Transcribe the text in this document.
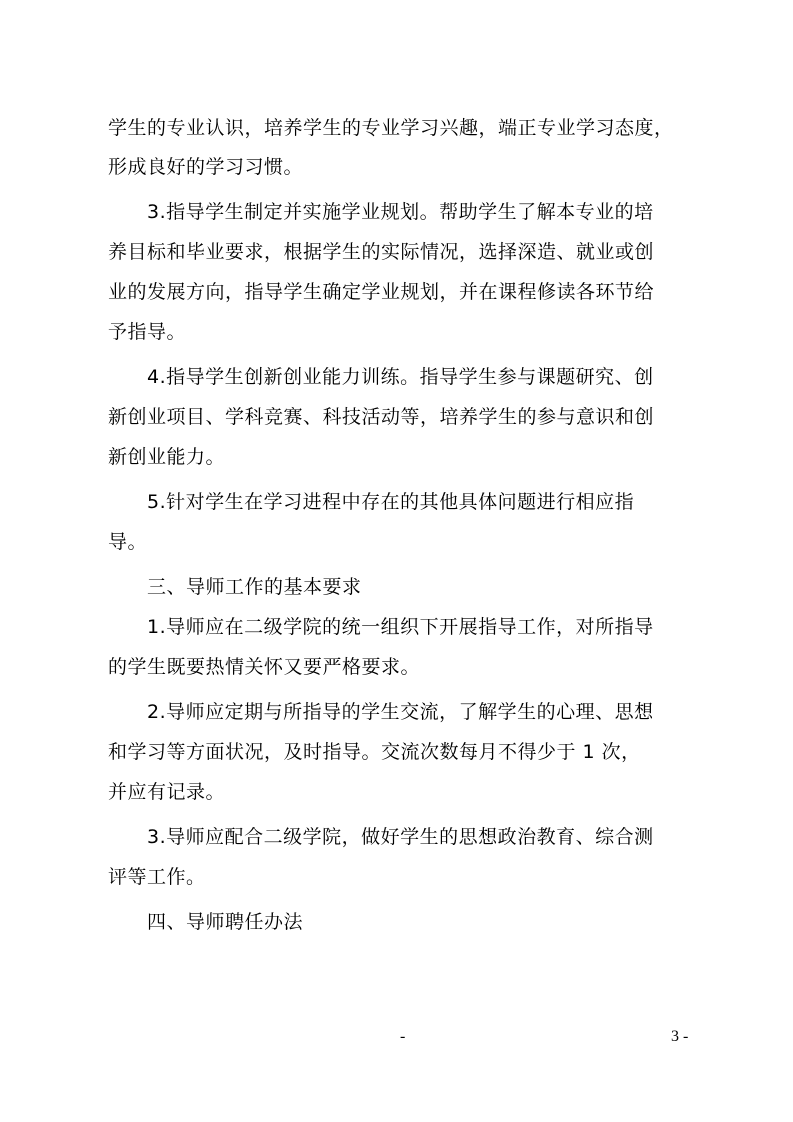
学生的专业认识，培养学生的专业学习兴趣，端正专业学习态度，
形成良好的学习习惯。
3.指导学生制定并实施学业规划。帮助学生了解本专业的培
养目标和毕业要求，根据学生的实际情况，选择深造、就业或创
业的发展方向，指导学生确定学业规划，并在课程修读各环节给
予指导。
4.指导学生创新创业能力训练。指导学生参与课题研究、创
新创业项目、学科竞赛、科技活动等，培养学生的参与意识和创
新创业能力。
5.针对学生在学习进程中存在的其他具体问题进行相应指
导。
三、导师工作的基本要求
1.导师应在二级学院的统一组织下开展指导工作，对所指导
的学生既要热情关怀又要严格要求。
2.导师应定期与所指导的学生交流，了解学生的心理、思想
和学习等方面状况，及时指导。交流次数每月不得少于 1 次，
并应有记录。
3.导师应配合二级学院，做好学生的思想政治教育、综合测
评等工作。
四、导师聘任办法
-	3 -
